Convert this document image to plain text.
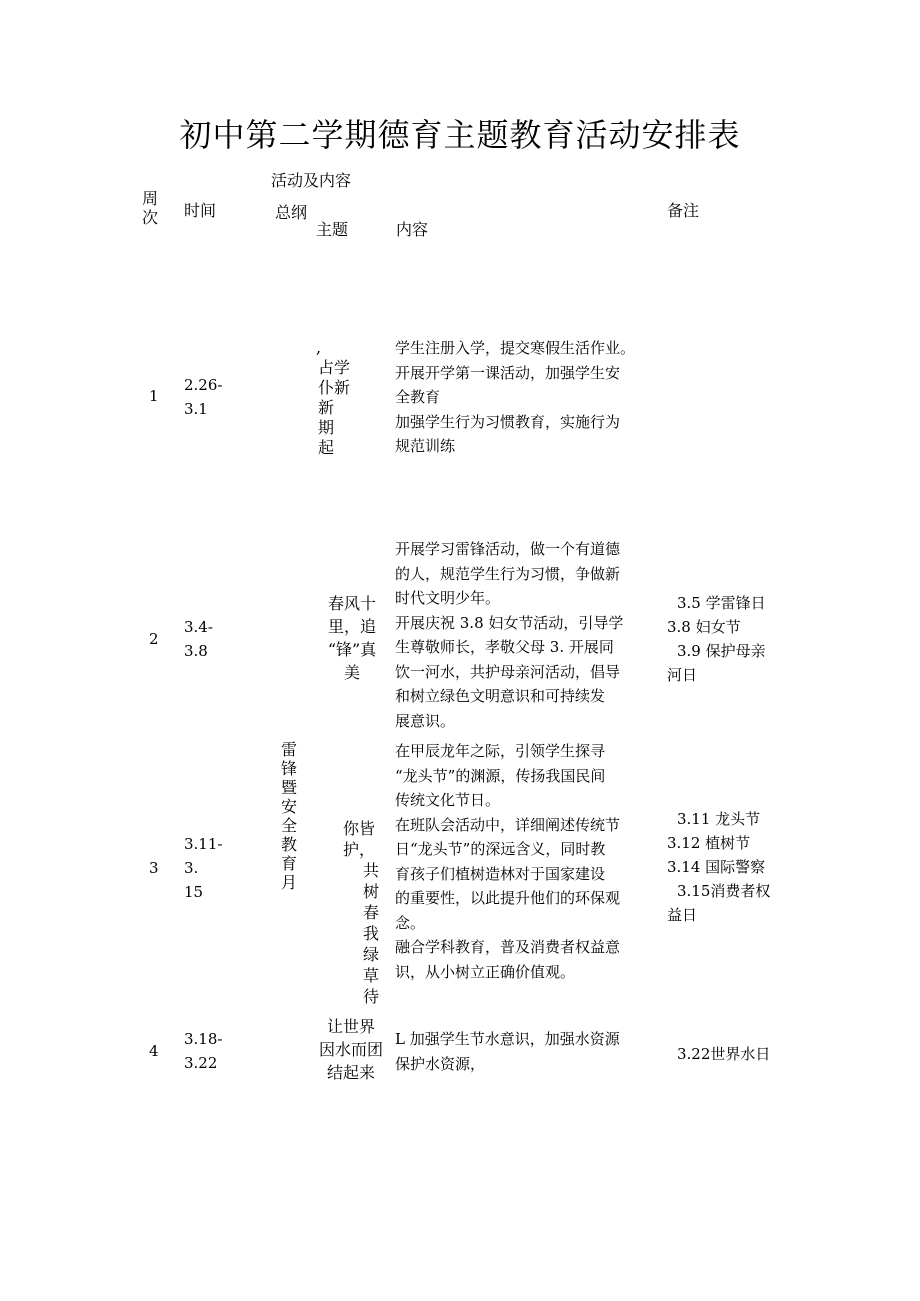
初中第二学期德育主题教育活动安排表
周次 时间
活动及内容
总纲
主题	内容
备注
雷锋暨安全教育月
1
2.26-
3.1
,
占学
仆新
新
期
起

学生注册入学，提交寒假生活作业。

开展开学第一课活动，加强学生安

全教育

加强学生行为习惯教育，实施行为

规范训练

2
3.4-
3.8
春风十
里，追
“锋”真
美

开展学习雷锋活动，做一个有道德

的人，规范学生行为习惯，争做新

时代文明少年。

开展庆祝 3.8 妇女节活动，引导学

生尊敬师长，孝敬父母 3. 开展同

饮一河水，共护母亲河活动，倡导

和树立绿色文明意识和可持续发

展意识。

3.5 学雷锋日

3.8 妇女节

3.9 保护母亲

河日

3
3.11-
3.
15
你皆
护，
共
树
春
我
绿
草
待

在甲辰龙年之际，引领学生探寻

“龙头节”的渊源，传扬我国民间

传统文化节日。

在班队会活动中，详细阐述传统节

日“龙头节”的深远含义，同时教

育孩子们植树造林对于国家建设

的重要性，以此提升他们的环保观

念。

融合学科教育，普及消费者权益意

识，从小树立正确价值观。

3.11 龙头节

3.12 植树节

3.14 国际警察

3.15消费者权

益日

4
3.18-
3.22
让世界
因水而团
结起来

L 加强学生节水意识，加强水资源

保护水资源，

3.22世界水日
